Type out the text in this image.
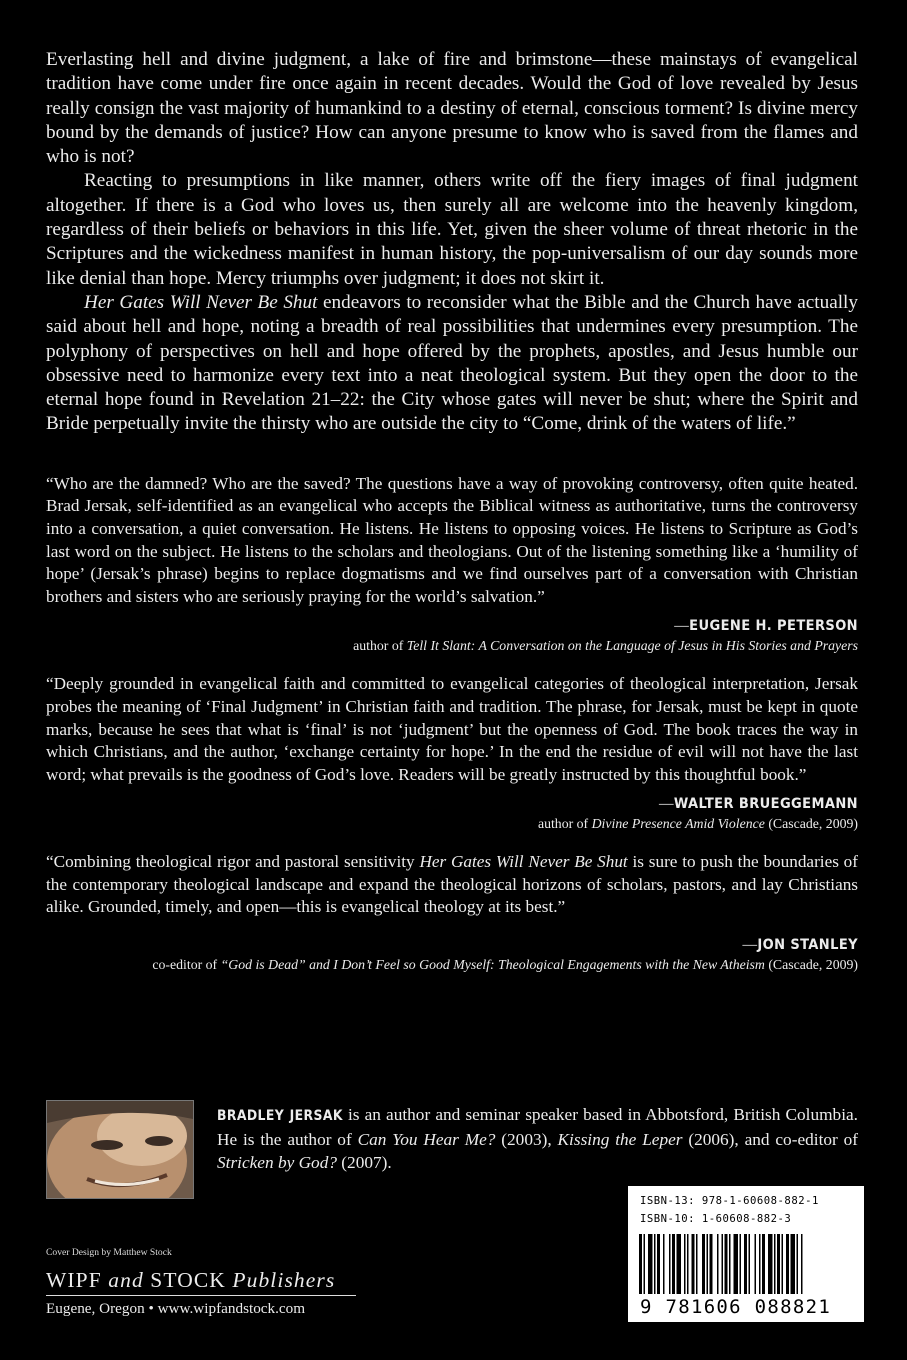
Everlasting hell and divine judgment, a lake of fire and brimstone—these mainstays of evangelical tradition have come under fire once again in recent decades. Would the God of love revealed by Jesus really consign the vast majority of humankind to a destiny of eternal, conscious torment? Is divine mercy bound by the demands of justice? How can anyone presume to know who is saved from the flames and who is not?

Reacting to presumptions in like manner, others write off the fiery images of final judgment altogether. If there is a God who loves us, then surely all are welcome into the heavenly kingdom, regardless of their beliefs or behaviors in this life. Yet, given the sheer volume of threat rhetoric in the Scriptures and the wickedness manifest in human history, the pop-universalism of our day sounds more like denial than hope. Mercy triumphs over judgment; it does not skirt it.

Her Gates Will Never Be Shut endeavors to reconsider what the Bible and the Church have actually said about hell and hope, noting a breadth of real possibilities that undermines every presumption. The polyphony of perspectives on hell and hope offered by the prophets, apostles, and Jesus humble our obsessive need to harmonize every text into a neat theological system. But they open the door to the eternal hope found in Revelation 21–22: the City whose gates will never be shut; where the Spirit and Bride perpetually invite the thirsty who are outside the city to “Come, drink of the waters of life.”

“Who are the damned? Who are the saved? The questions have a way of provoking controversy, often quite heated. Brad Jersak, self-identified as an evangelical who accepts the Biblical witness as authoritative, turns the controversy into a conversation, a quiet conversation. He listens. He listens to opposing voices. He listens to Scripture as God’s last word on the subject. He listens to the scholars and theologians. Out of the listening something like a ‘humility of hope’ (Jersak’s phrase) begins to replace dogmatisms and we find ourselves part of a conversation with Christian brothers and sisters who are seriously praying for the world’s salvation.”

—EUGENE H. PETERSON
author of Tell It Slant: A Conversation on the Language of Jesus in His Stories and Prayers

“Deeply grounded in evangelical faith and committed to evangelical categories of theological interpretation, Jersak probes the meaning of ‘Final Judgment’ in Christian faith and tradition. The phrase, for Jersak, must be kept in quote marks, because he sees that what is ‘final’ is not ‘judgment’ but the openness of God. The book traces the way in which Christians, and the author, ‘exchange certainty for hope.’ In the end the residue of evil will not have the last word; what prevails is the goodness of God’s love. Readers will be greatly instructed by this thoughtful book.”

—WALTER BRUEGGEMANN
author of Divine Presence Amid Violence (Cascade, 2009)

“Combining theological rigor and pastoral sensitivity Her Gates Will Never Be Shut is sure to push the boundaries of the contemporary theological landscape and expand the theological horizons of scholars, pastors, and lay Christians alike. Grounded, timely, and open—this is evangelical theology at its best.”

—JON STANLEY
co-editor of “God is Dead” and I Don’t Feel so Good Myself: Theological Engagements with the New Atheism (Cascade, 2009)
BRADLEY JERSAK is an author and seminar speaker based in Abbotsford, British Columbia. He is the author of Can You Hear Me? (2003), Kissing the Leper (2006), and co-editor of Stricken by God? (2007).
Cover Design by Matthew Stock
WIPF and STOCK Publishers
Eugene, Oregon • www.wipfandstock.com
ISBN-13: 978-1-60608-882-1
ISBN-10: 1-60608-882-3
9 781606 088821
